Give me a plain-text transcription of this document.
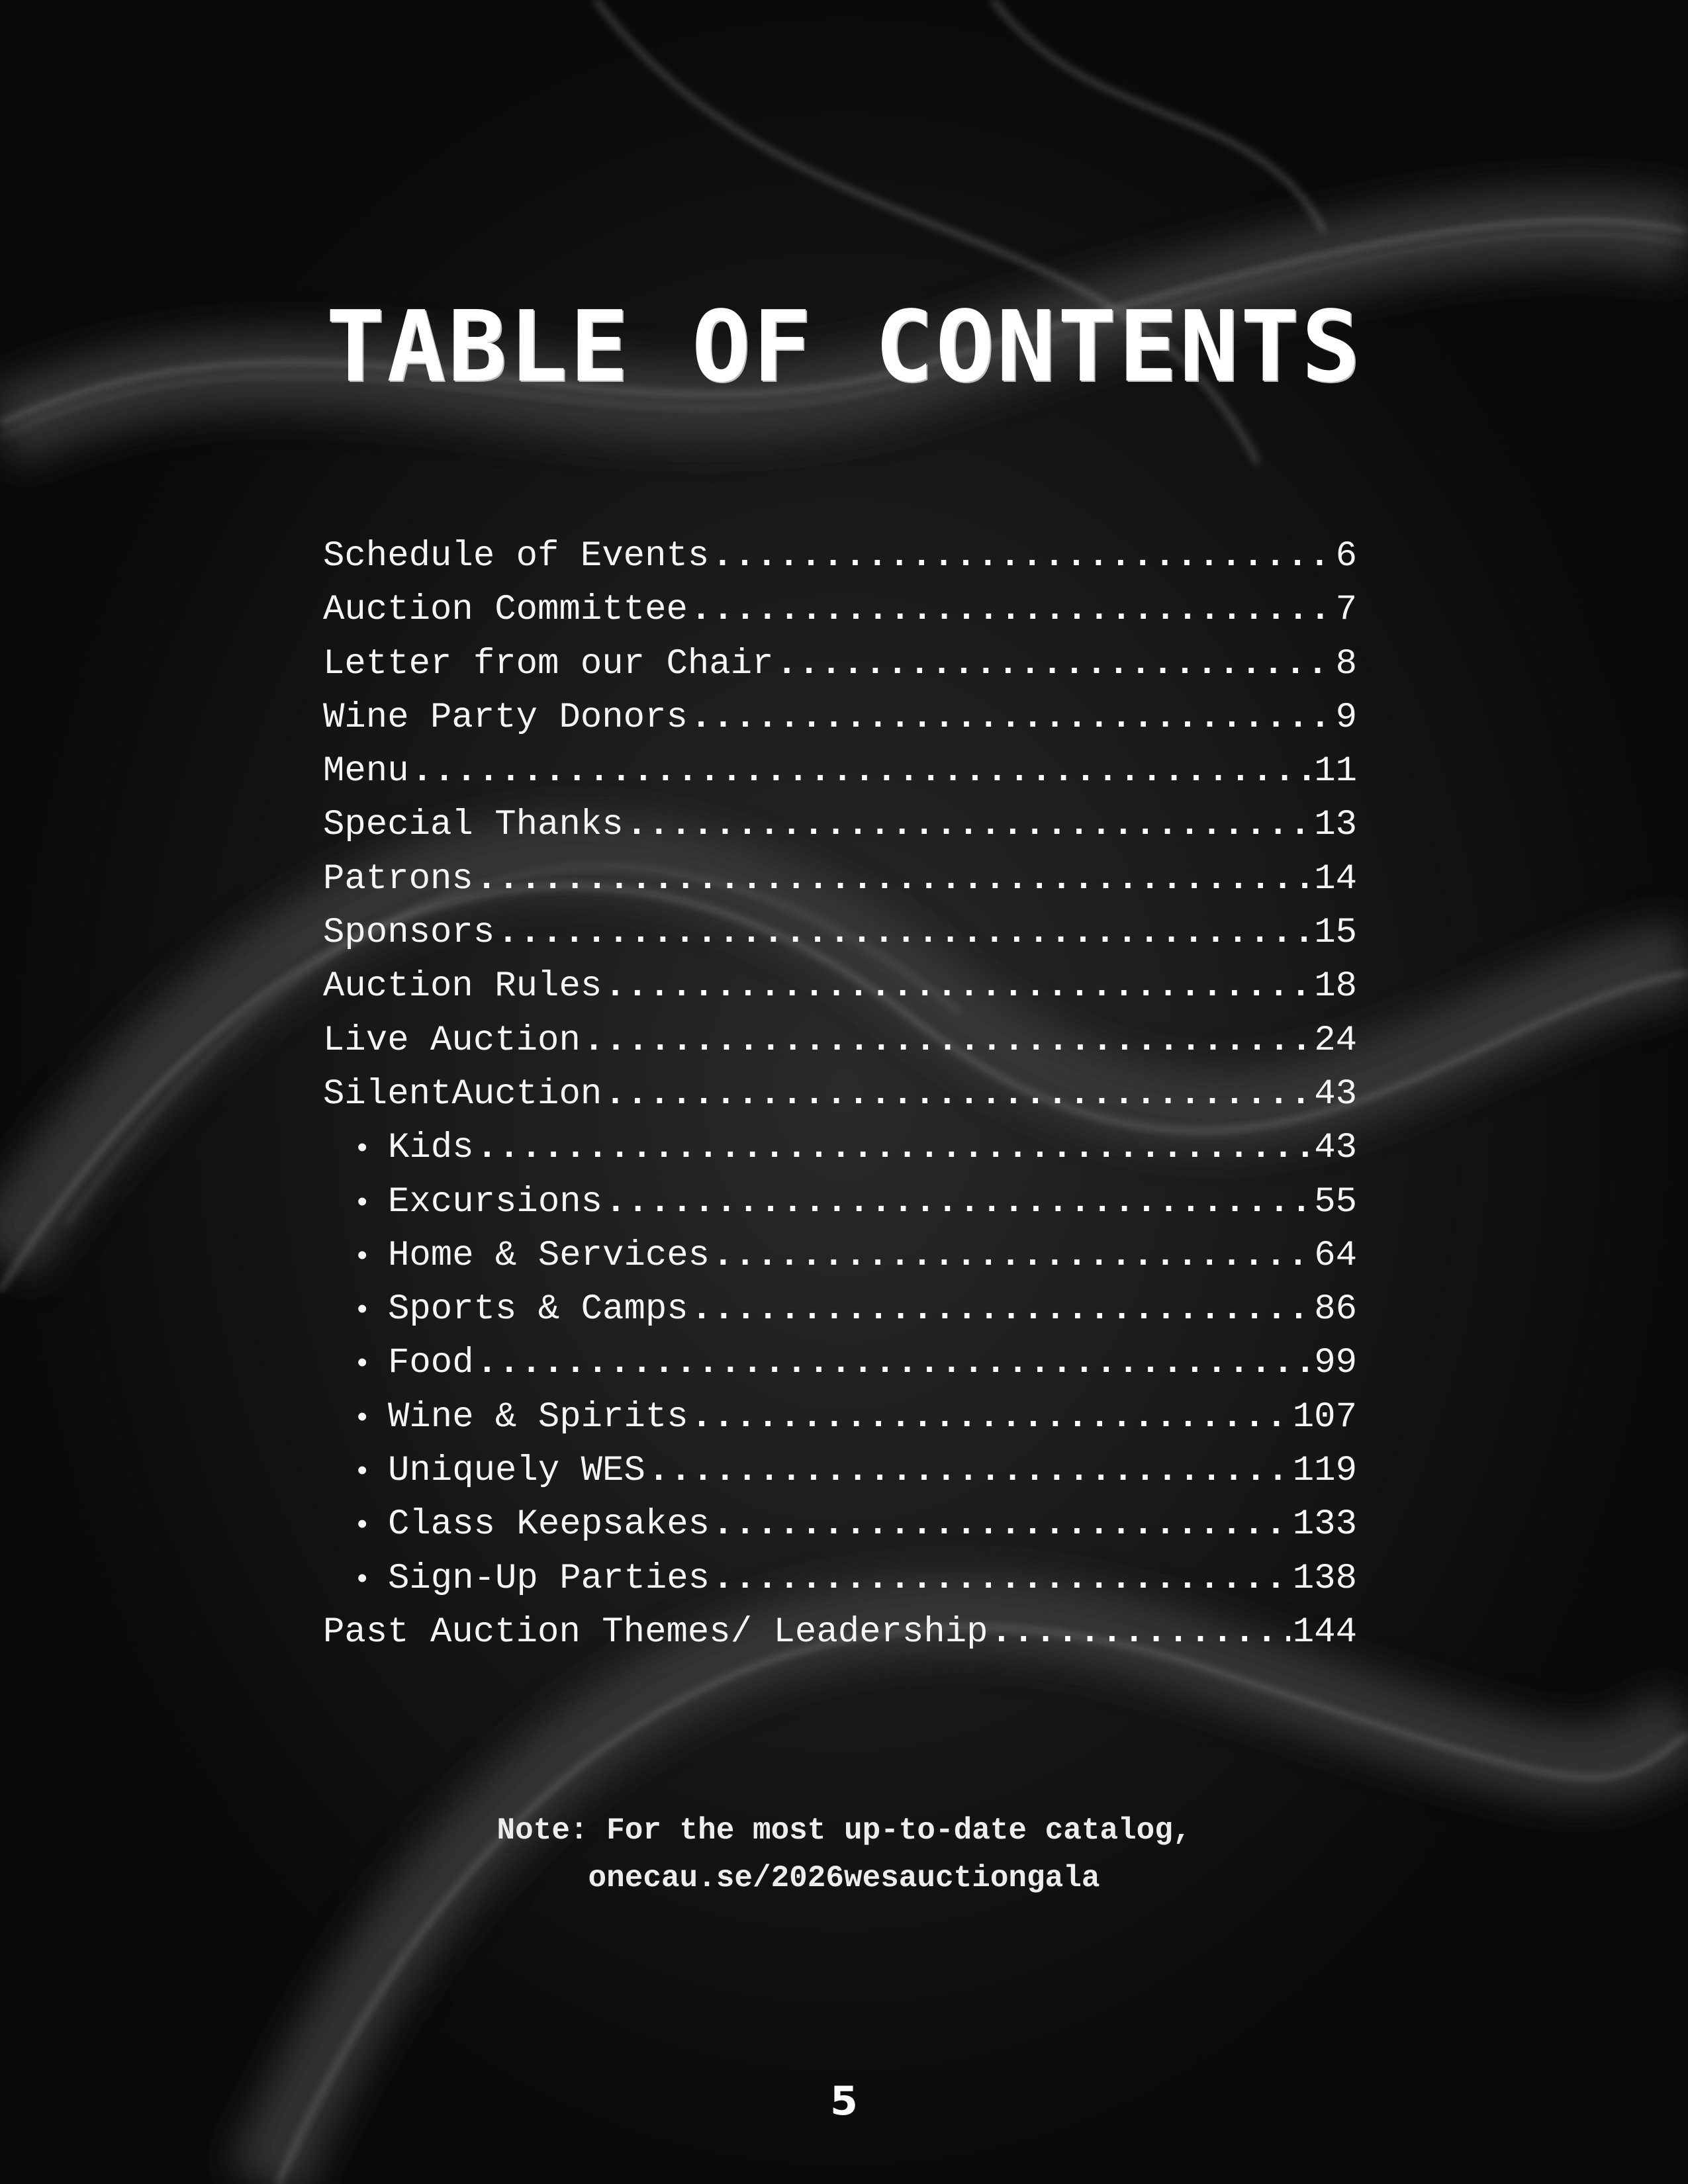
TABLE OF CONTENTS
Schedule of Events .....	6
Auction Committee .....	7
Letter from our Chair .....	8
Wine Party Donors .....	9
Menu .....	11
Special Thanks .....	13
Patrons .....	14
Sponsors .....	15
Auction Rules .....	18
Live Auction .....	24
SilentAuction .....	43
• Kids .....	43
• Excursions .....	55
• Home & Services .....	64
• Sports & Camps .....	86
• Food .....	99
• Wine & Spirits .....	107
• Uniquely WES .....	119
• Class Keepsakes .....	133
• Sign-Up Parties .....	138
Past Auction Themes/ Leadership .....	144
Note: For the most up-to-date catalog,
onecau.se/2026wesauctiongala
5
